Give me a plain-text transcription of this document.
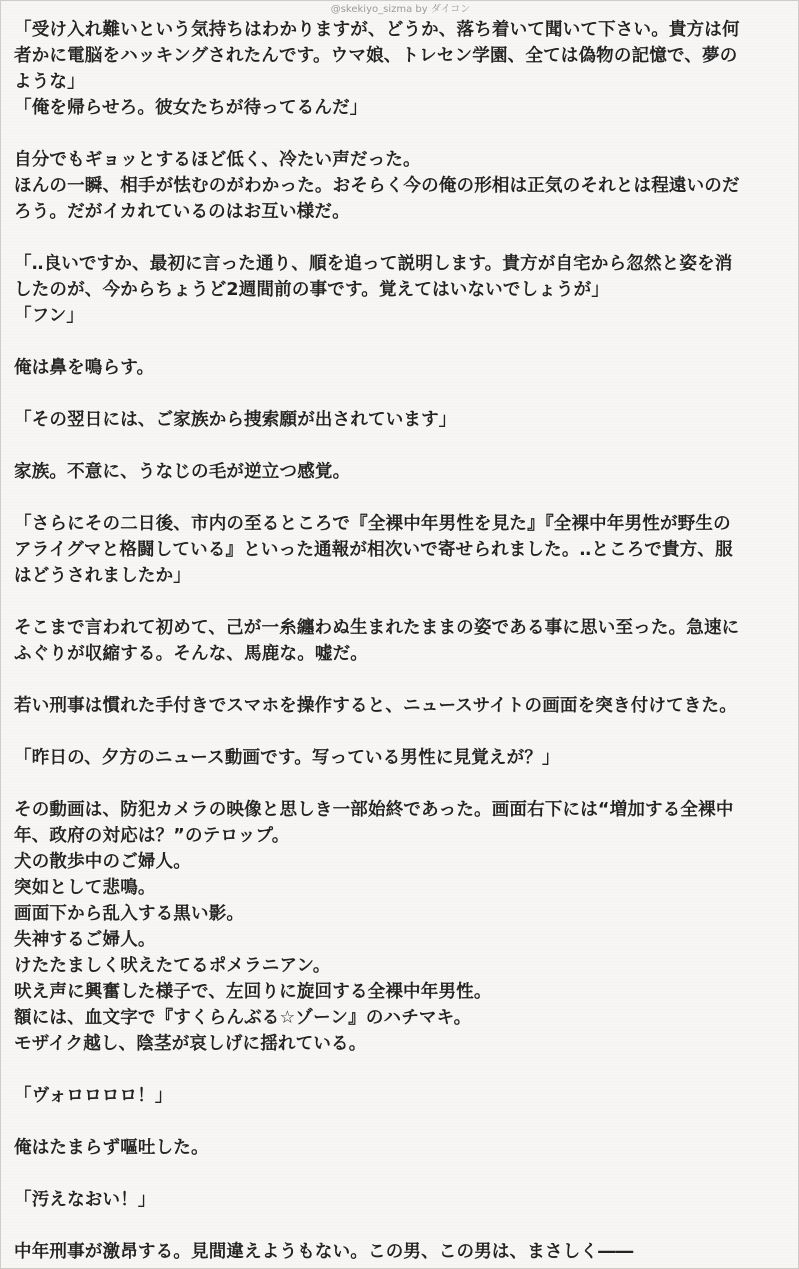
@skekiyo_sizma by ダイコン
「受け入れ難いという気持ちはわかりますが、どうか、落ち着いて聞いて下さい。貴方は何
者かに電脳をハッキングされたんです。ウマ娘、トレセン学園、全ては偽物の記憶で、夢の
ような」
「俺を帰らせろ。彼女たちが待ってるんだ」
自分でもギョッとするほど低く、冷たい声だった。
ほんの一瞬、相手が怯むのがわかった。おそらく今の俺の形相は正気のそれとは程遠いのだ
ろう。だがイカれているのはお互い様だ。
「‥良いですか、最初に言った通り、順を追って説明します。貴方が自宅から忽然と姿を消
したのが、今からちょうど2週間前の事です。覚えてはいないでしょうが」
「フン」
俺は鼻を鳴らす。
「その翌日には、ご家族から捜索願が出されています」
家族。不意に、うなじの毛が逆立つ感覚。
「さらにその二日後、市内の至るところで『全裸中年男性を見た』『全裸中年男性が野生の
アライグマと格闘している』といった通報が相次いで寄せられました。‥ところで貴方、服
はどうされましたか」
そこまで言われて初めて、己が一糸纏わぬ生まれたままの姿である事に思い至った。急速に
ふぐりが収縮する。そんな、馬鹿な。嘘だ。
若い刑事は慣れた手付きでスマホを操作すると、ニュースサイトの画面を突き付けてきた。
「昨日の、夕方のニュース動画です。写っている男性に見覚えが？」
その動画は、防犯カメラの映像と思しき一部始終であった。画面右下には“増加する全裸中
年、政府の対応は？”のテロップ。
犬の散歩中のご婦人。
突如として悲鳴。
画面下から乱入する黒い影。
失神するご婦人。
けたたましく吠えたてるポメラニアン。
吠え声に興奮した様子で、左回りに旋回する全裸中年男性。
額には、血文字で『すくらんぶる☆ゾーン』のハチマキ。
モザイク越し、陰茎が哀しげに揺れている。
「ヴォロロロロ！」
俺はたまらず嘔吐した。
「汚えなおい！」
中年刑事が激昂する。見間違えようもない。この男、この男は、まさしく――
